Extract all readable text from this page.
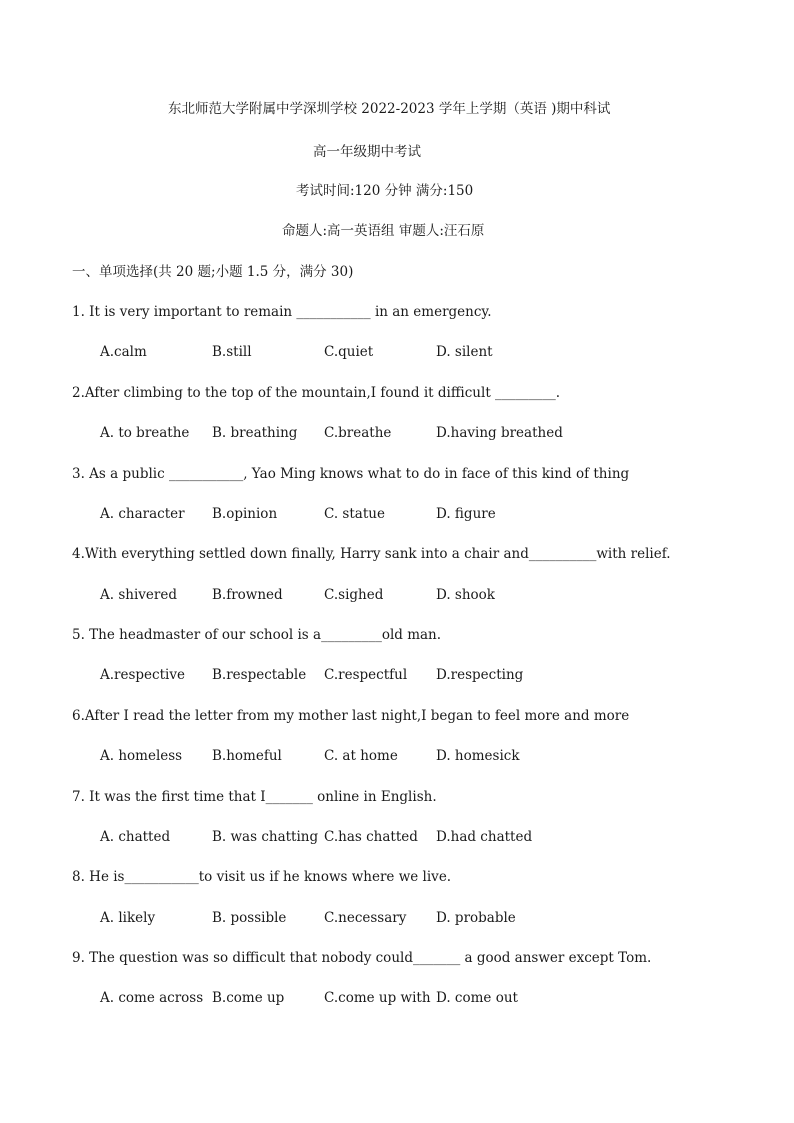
东北师范大学附属中学深圳学校 2022-2023 学年上学期（英语 )期中科试
高一年级期中考试
考试时间:120 分钟 满分:150
命题人:高一英语组 审题人:汪石原
一、单项选择(共 20 题;小题 1.5 分，满分 30)
1. It is very important to remain ___________ in an emergency.
A.calm	B.still	C.quiet	D. silent
2.After climbing to the top of the mountain,I found it difficult _________.
A. to breathe B. breathing C.breathe	D.having breathed
3. As a public ___________, Yao Ming knows what to do in face of this kind of thing
A. character B.opinion	C. statue	D. figure
4.With everything settled down finally, Harry sank into a chair and__________with relief.
A. shivered	B.frowned	C.sighed	D. shook
5. The headmaster of our school is a_________old man.
A.respective B.respectable C.respectful D.respecting
6.After I read the letter from my mother last night,I began to feel more and more
A. homeless B.homeful	C. at home	D. homesick
7. It was the first time that I_______ online in English.
A. chatted	B. was chatting C.has chatted D.had chatted
8. He is___________to visit us if he knows where we live.
A. likely	B. possible	C.necessary D. probable
9. The question was so difficult that nobody could_______ a good answer except Tom.
A. come across B.come up	C.come up with D. come out
